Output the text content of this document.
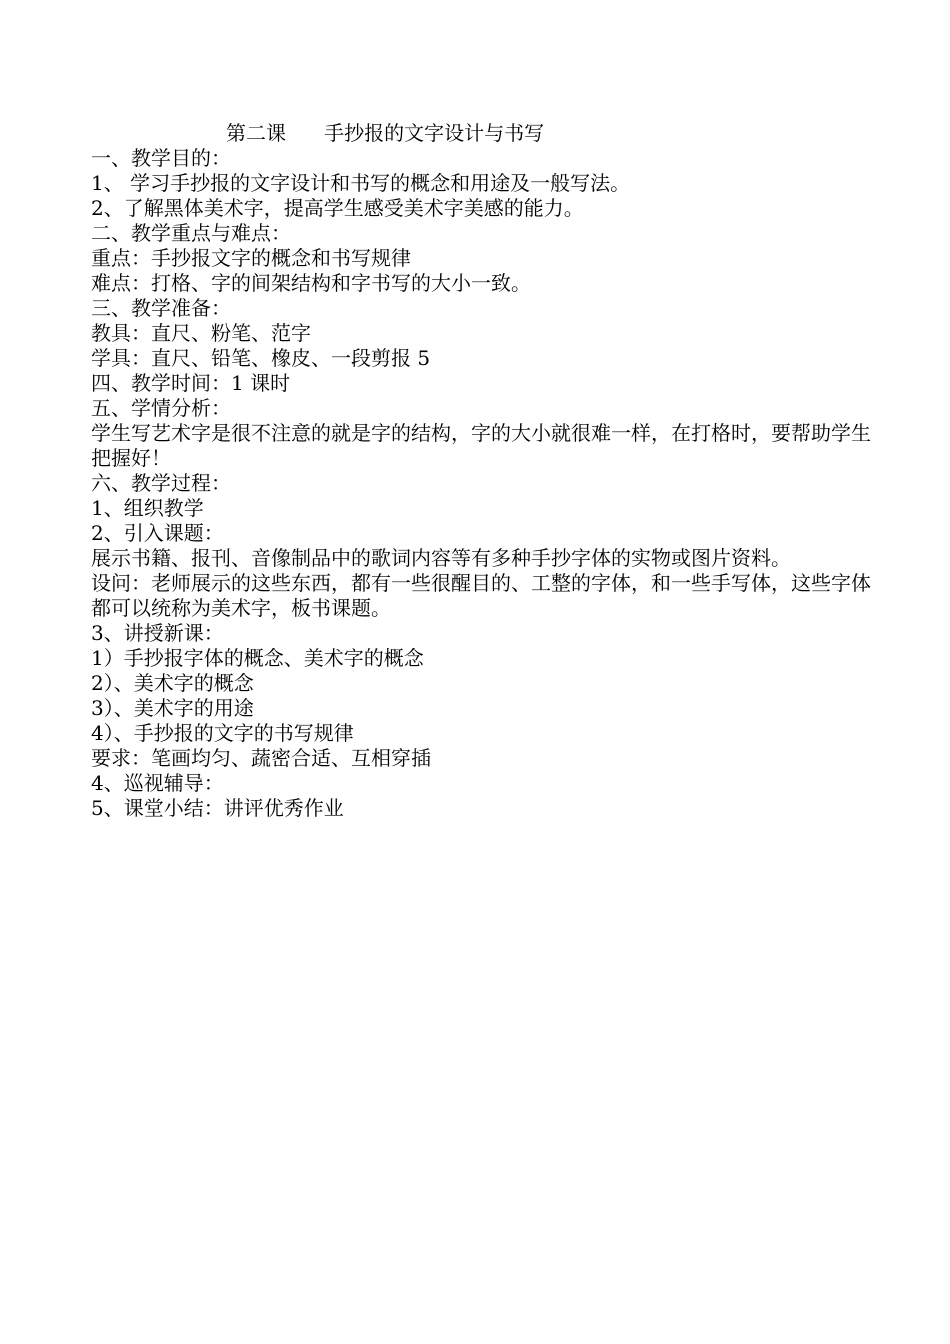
第二课      手抄报的文字设计与书写

一、教学目的：

1、 学习手抄报的文字设计和书写的概念和用途及一般写法。

2、了解黑体美术字，提高学生感受美术字美感的能力。

二、教学重点与难点：

重点：手抄报文字的概念和书写规律

难点：打格、字的间架结构和字书写的大小一致。

三、教学准备：

教具：直尺、粉笔、范字

学具：直尺、铅笔、橡皮、一段剪报 5

四、教学时间：1 课时

五、学情分析：

学生写艺术字是很不注意的就是字的结构，字的大小就很难一样，在打格时，要帮助学生把握好！

六、教学过程：

1、组织教学

2、引入课题：

展示书籍、报刊、音像制品中的歌词内容等有多种手抄字体的实物或图片资料。

设问：老师展示的这些东西，都有一些很醒目的、工整的字体，和一些手写体，这些字体都可以统称为美术字，板书课题。

3、讲授新课：

1）手抄报字体的概念、美术字的概念

2）、美术字的概念

3）、美术字的用途

4）、手抄报的文字的书写规律

要求：笔画均匀、蔬密合适、互相穿插

4、巡视辅导：

5、课堂小结：讲评优秀作业
